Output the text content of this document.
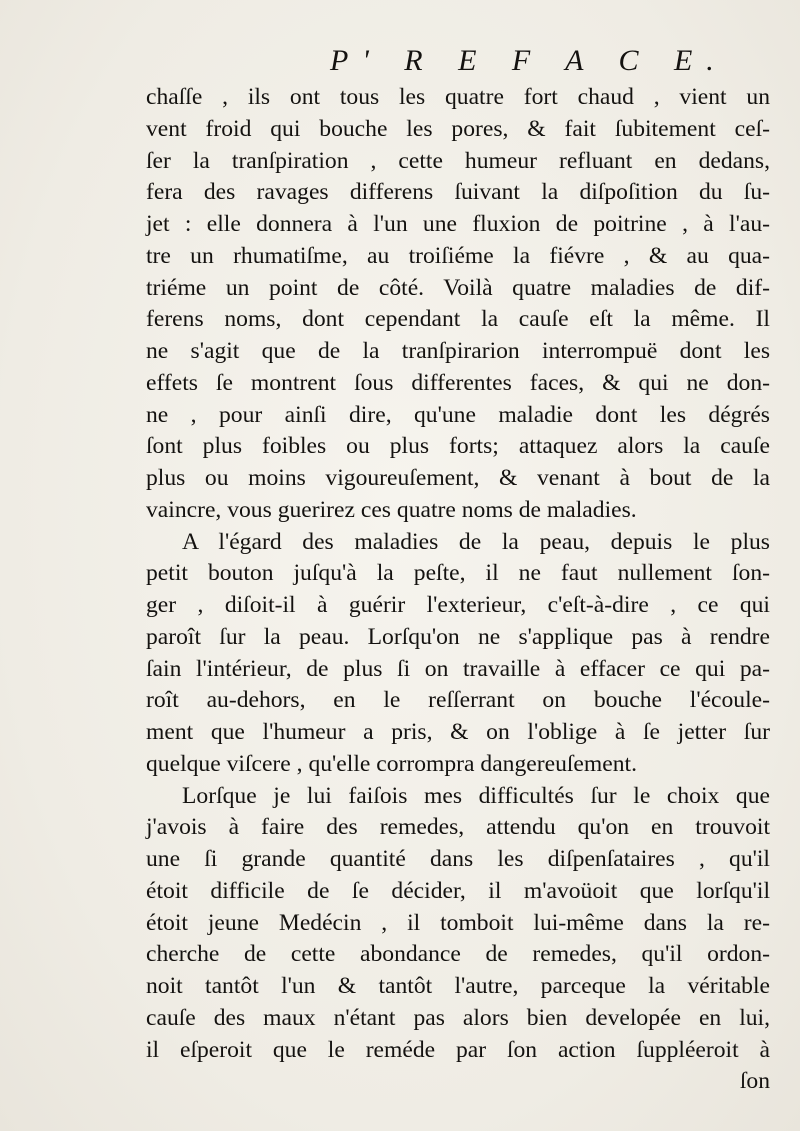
P' R E F A C E.
chaſſe , ils ont tous les quatre fort chaud , vient un
vent froid qui bouche les pores, & fait ſubitement ceſ-
ſer la tranſpiration , cette humeur refluant en dedans,
fera des ravages differens ſuivant la diſpoſition du ſu-
jet : elle donnera à l'un une fluxion de poitrine , à l'au-
tre un rhumatiſme, au troiſiéme la fiévre , & au qua-
triéme un point de côté. Voilà quatre maladies de dif-
ferens noms, dont cependant la cauſe eſt la même. Il
ne s'agit que de la tranſpirarion interrompuë dont les
effets ſe montrent ſous differentes faces, & qui ne don-
ne , pour ainſi dire, qu'une maladie dont les dégrés
ſont plus foibles ou plus forts; attaquez alors la cauſe
plus ou moins vigoureuſement, & venant à bout de la
vaincre, vous guerirez ces quatre noms de maladies.
A l'égard des maladies de la peau, depuis le plus
petit bouton juſqu'à la peſte, il ne faut nullement ſon-
ger , diſoit-il à guérir l'exterieur, c'eſt-à-dire , ce qui
paroît ſur la peau. Lorſqu'on ne s'applique pas à rendre
ſain l'intérieur, de plus ſi on travaille à effacer ce qui pa-
roît au-dehors, en le reſſerrant on bouche l'écoule-
ment que l'humeur a pris, & on l'oblige à ſe jetter ſur
quelque viſcere , qu'elle corrompra dangereuſement.
Lorſque je lui faiſois mes difficultés ſur le choix que
j'avois à faire des remedes, attendu qu'on en trouvoit
une ſi grande quantité dans les diſpenſataires , qu'il
étoit difficile de ſe décider, il m'avoüoit que lorſqu'il
étoit jeune Medécin , il tomboit lui-même dans la re-
cherche de cette abondance de remedes, qu'il ordon-
noit tantôt l'un & tantôt l'autre, parceque la véritable
cauſe des maux n'étant pas alors bien developée en lui,
il eſperoit que le reméde par ſon action ſuppléeroit à
ſon
